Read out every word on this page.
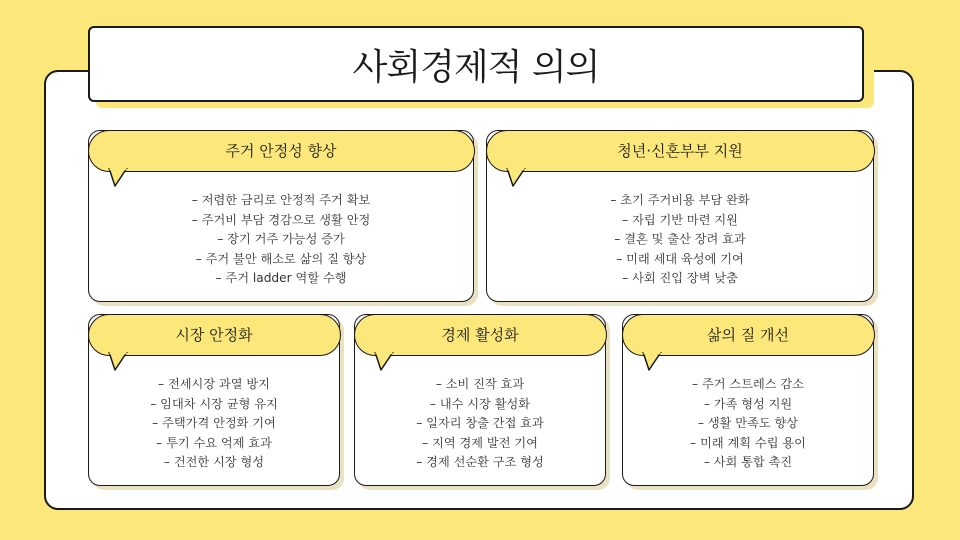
사회경제적 의의
주거 안정성 향상
– 저렴한 금리로 안정적 주거 확보
– 주거비 부담 경감으로 생활 안정
– 장기 거주 가능성 증가
– 주거 불안 해소로 삶의 질 향상
– 주거 ladder 역할 수행
청년·신혼부부 지원
– 초기 주거비용 부담 완화
– 자립 기반 마련 지원
– 결혼 및 출산 장려 효과
– 미래 세대 육성에 기여
– 사회 진입 장벽 낮춤
시장 안정화
– 전세시장 과열 방지
– 임대차 시장 균형 유지
– 주택가격 안정화 기여
– 투기 수요 억제 효과
– 건전한 시장 형성
경제 활성화
– 소비 진작 효과
– 내수 시장 활성화
– 일자리 창출 간접 효과
– 지역 경제 발전 기여
– 경제 선순환 구조 형성
삶의 질 개선
– 주거 스트레스 감소
– 가족 형성 지원
– 생활 만족도 향상
– 미래 계획 수립 용이
– 사회 통합 촉진
